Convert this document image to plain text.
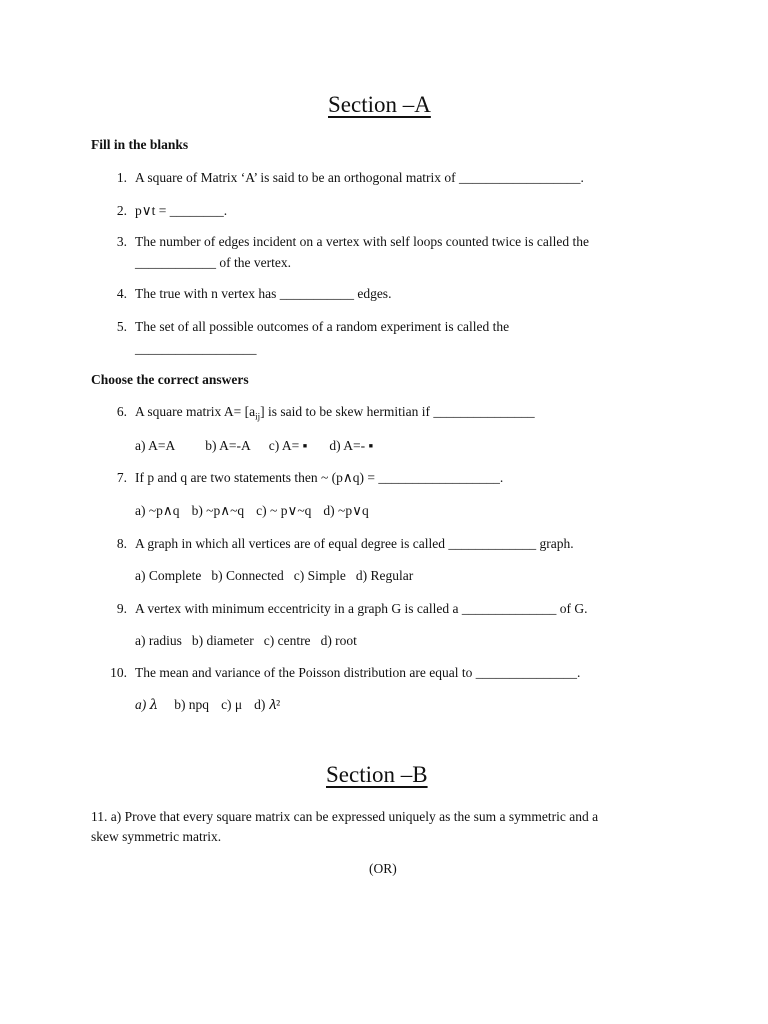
Section –A
Fill in the blanks
1. A square of Matrix ‘A’ is said to be an orthogonal matrix of __________________.
2. p∨t = ________.
3. The number of edges incident on a vertex with self loops counted twice is called the
____________ of the vertex.
4. The true with n vertex has ___________ edges.
5. The set of all possible outcomes of a random experiment is called the
__________________
Choose the correct answers
6. A square matrix $A= [a_{ij}]$ is said to be skew hermitian if _______________
a) A=A b) A=-A c) A= ▪ d) A=- ▪
7. If p and q are two statements then ~ (p∧q) = __________________.
a) ~p∧q b) ~p∧~q c) ~ p∨~q d) ~p∨q
8. A graph in which all vertices are of equal degree is called _____________ graph.
a) Complete b) Connected c) Simple d) Regular
9. A vertex with minimum eccentricity in a graph G is called a ______________ of G.
a) radius b) diameter c) centre d) root
10. The mean and variance of the Poisson distribution are equal to _______________.
a) 𝜆 b) npq c) μ d) 𝜆²
Section –B
11. a) Prove that every square matrix can be expressed uniquely as the sum a symmetric and a
skew symmetric matrix.
(OR)
